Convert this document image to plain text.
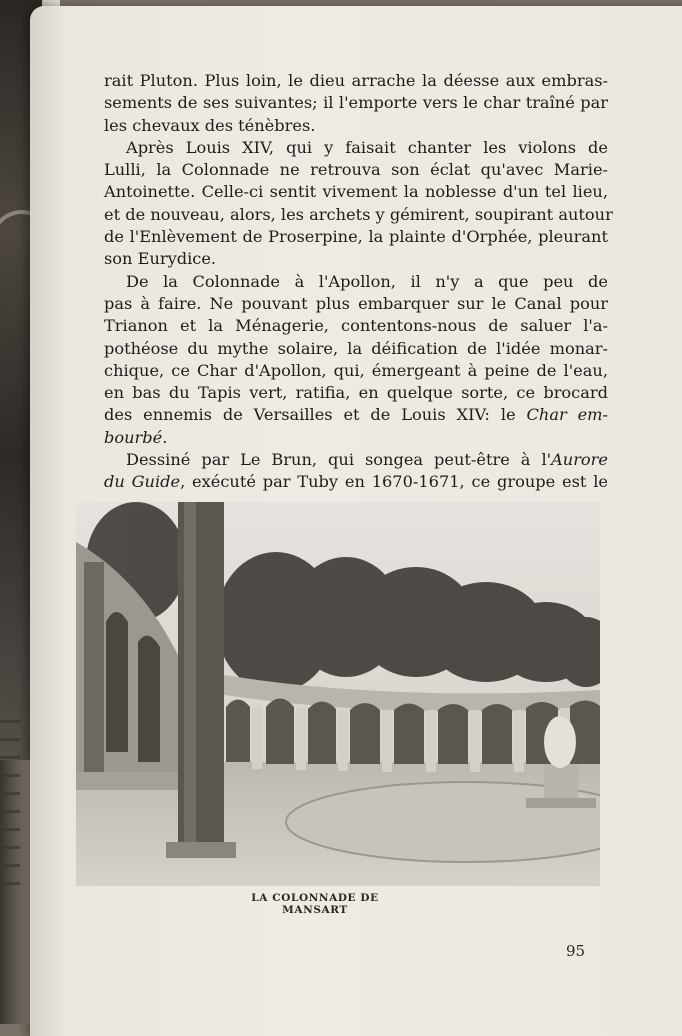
rait Pluton. Plus loin, le dieu arrache la déesse aux embras-
sements de ses suivantes; il l'emporte vers le char traîné par
les chevaux des ténèbres.

Après Louis XIV, qui y faisait chanter les violons de
Lulli, la Colonnade ne retrouva son éclat qu'avec Marie-
Antoinette. Celle-ci sentit vivement la noblesse d'un tel lieu,
et de nouveau, alors, les archets y gémirent, soupirant autour
de l'Enlèvement de Proserpine, la plainte d'Orphée, pleurant
son Eurydice.

De la Colonnade à l'Apollon, il n'y a que peu de
pas à faire. Ne pouvant plus embarquer sur le Canal pour
Trianon et la Ménagerie, contentons-nous de saluer l'a-
pothéose du mythe solaire, la déification de l'idée monar-
chique, ce Char d'Apollon, qui, émergeant à peine de l'eau,
en bas du Tapis vert, ratifia, en quelque sorte, ce brocard
des ennemis de Versailles et de Louis XIV: le Char em-
bourbé.

Dessiné par Le Brun, qui songea peut-être à l'Aurore
du Guide, exécuté par Tuby en 1670-1671, ce groupe est le

LA COLONNADE DE MANSART
95
